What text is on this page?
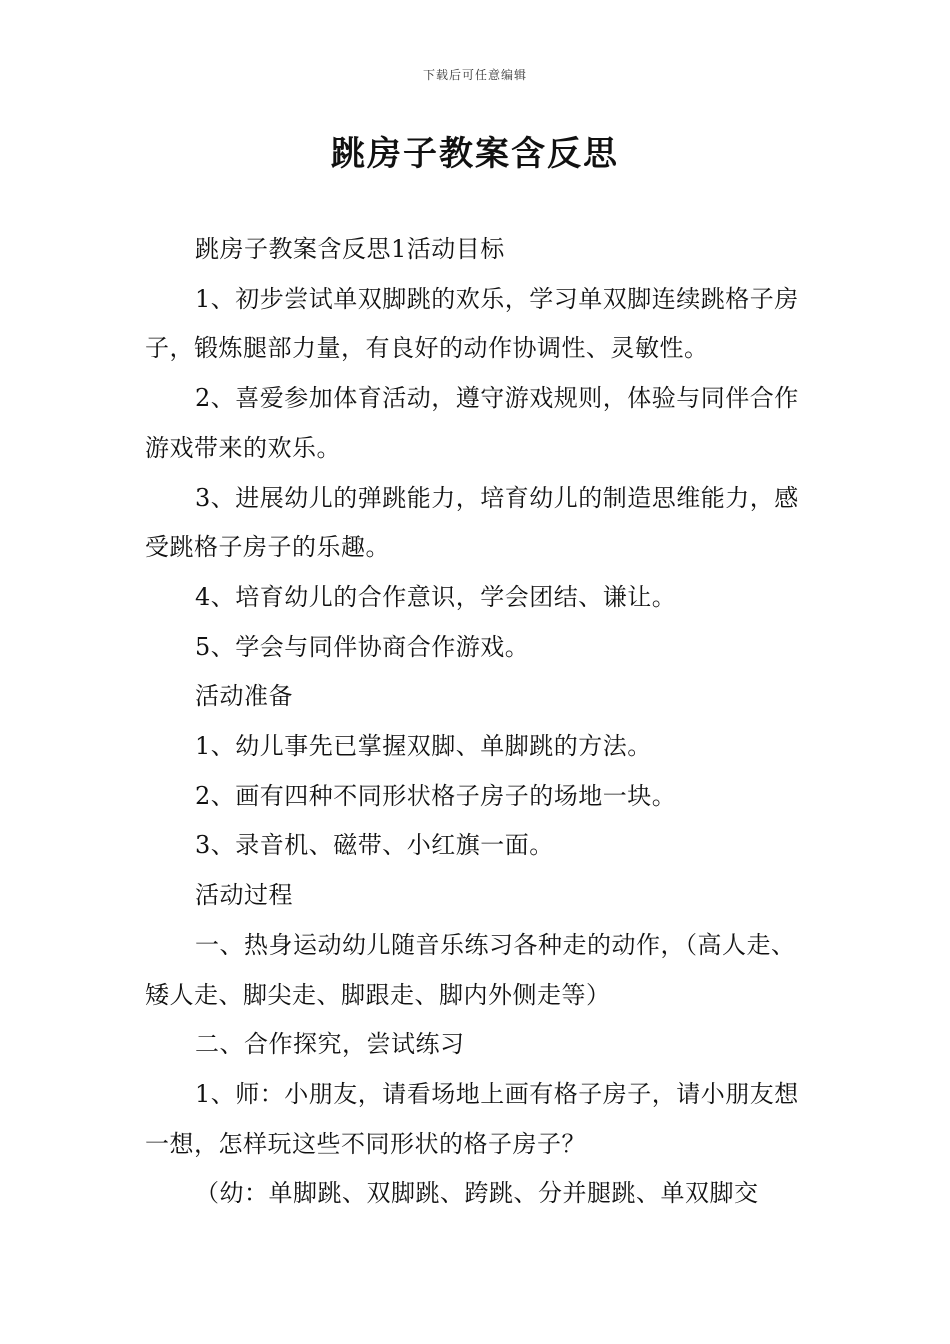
下载后可任意编辑
跳房子教案含反思

跳房子教案含反思1活动目标

1、初步尝试单双脚跳的欢乐，学习单双脚连续跳格子房子，锻炼腿部力量，有良好的动作协调性、灵敏性。

2、喜爱参加体育活动，遵守游戏规则，体验与同伴合作游戏带来的欢乐。

3、进展幼儿的弹跳能力，培育幼儿的制造思维能力，感受跳格子房子的乐趣。

4、培育幼儿的合作意识，学会团结、谦让。

5、学会与同伴协商合作游戏。

活动准备

1、幼儿事先已掌握双脚、单脚跳的方法。

2、画有四种不同形状格子房子的场地一块。

3、录音机、磁带、小红旗一面。

活动过程

一、热身运动幼儿随音乐练习各种走的动作，（高人走、矮人走、脚尖走、脚跟走、脚内外侧走等）

二、合作探究，尝试练习

1、师：小朋友，请看场地上画有格子房子，请小朋友想一想，怎样玩这些不同形状的格子房子？

（幼：单脚跳、双脚跳、跨跳、分并腿跳、单双脚交
